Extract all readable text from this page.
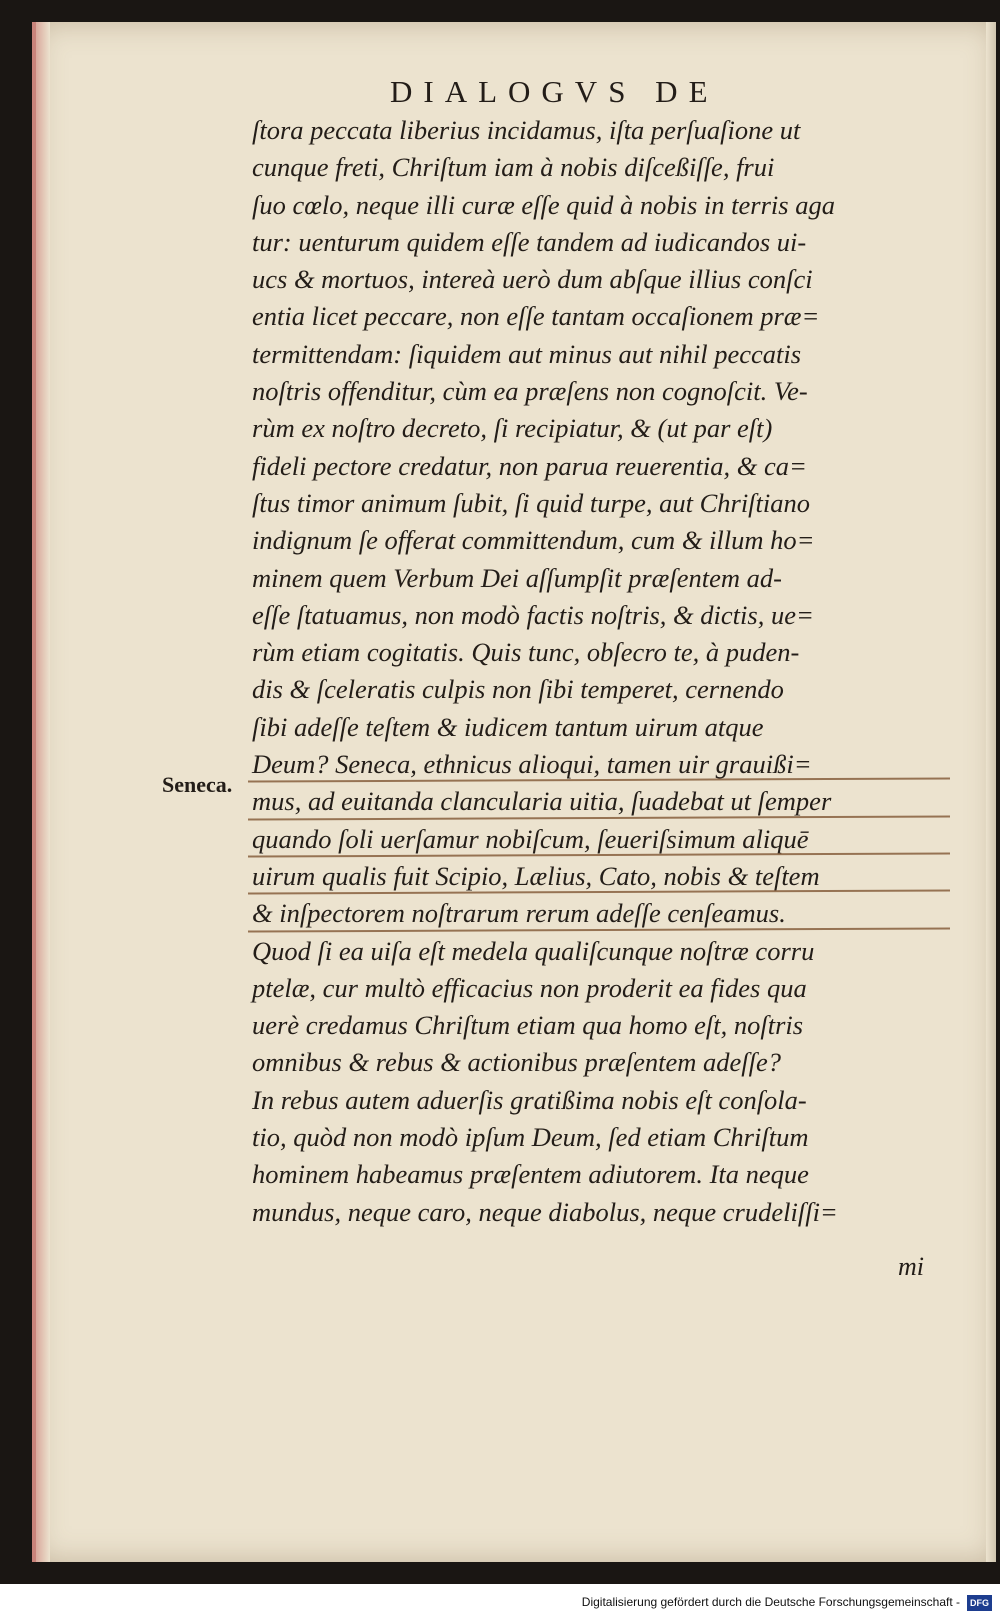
DIALOGVS DE
Seneca.
ſtora peccata liberius incidamus, iſta perſuaſione ut
cunque freti, Chriſtum iam à nobis diſceßiſſe, frui
ſuo cœlo, neque illi curæ eſſe quid à nobis in terris aga
tur: uenturum quidem eſſe tandem ad iudicandos ui-
ucs & mortuos, intereà uerò dum abſque illius conſci
entia licet peccare, non eſſe tantam occaſionem præ=
termittendam: ſiquidem aut minus aut nihil peccatis
noſtris offenditur, cùm ea præſens non cognoſcit. Ve-
rùm ex noſtro decreto, ſi recipiatur, & (ut par eſt)
fideli pectore credatur, non parua reuerentia, & ca=
ſtus timor animum ſubit, ſi quid turpe, aut Chriſtiano
indignum ſe offerat committendum, cum & illum ho=
minem quem Verbum Dei aſſumpſit præſentem ad-
eſſe ſtatuamus, non modò factis noſtris, & dictis, ue=
rùm etiam cogitatis. Quis tunc, obſecro te, à puden-
dis & ſceleratis culpis non ſibi temperet, cernendo
ſibi adeſſe teſtem & iudicem tantum uirum atque
Deum? Seneca, ethnicus alioqui, tamen uir grauißi=
mus, ad euitanda clancularia uitia, ſuadebat ut ſemper
quando ſoli uerſamur nobiſcum, ſeueriſsimum aliquē
uirum qualis fuit Scipio, Lælius, Cato, nobis & teſtem
& inſpectorem noſtrarum rerum adeſſe cenſeamus.
Quod ſi ea uiſa eſt medela qualiſcunque noſtræ corru
ptelæ, cur multò efficacius non proderit ea fides qua
uerè credamus Chriſtum etiam qua homo eſt, noſtris
omnibus & rebus & actionibus præſentem adeſſe?
In rebus autem aduerſis gratißima nobis eſt conſola-
tio, quòd non modò ipſum Deum, ſed etiam Chriſtum
hominem habeamus præſentem adiutorem. Ita neque
mundus, neque caro, neque diabolus, neque crudeliſſi=
mi
Digitalisierung gefördert durch die Deutsche Forschungsgemeinschaft -	DFG
